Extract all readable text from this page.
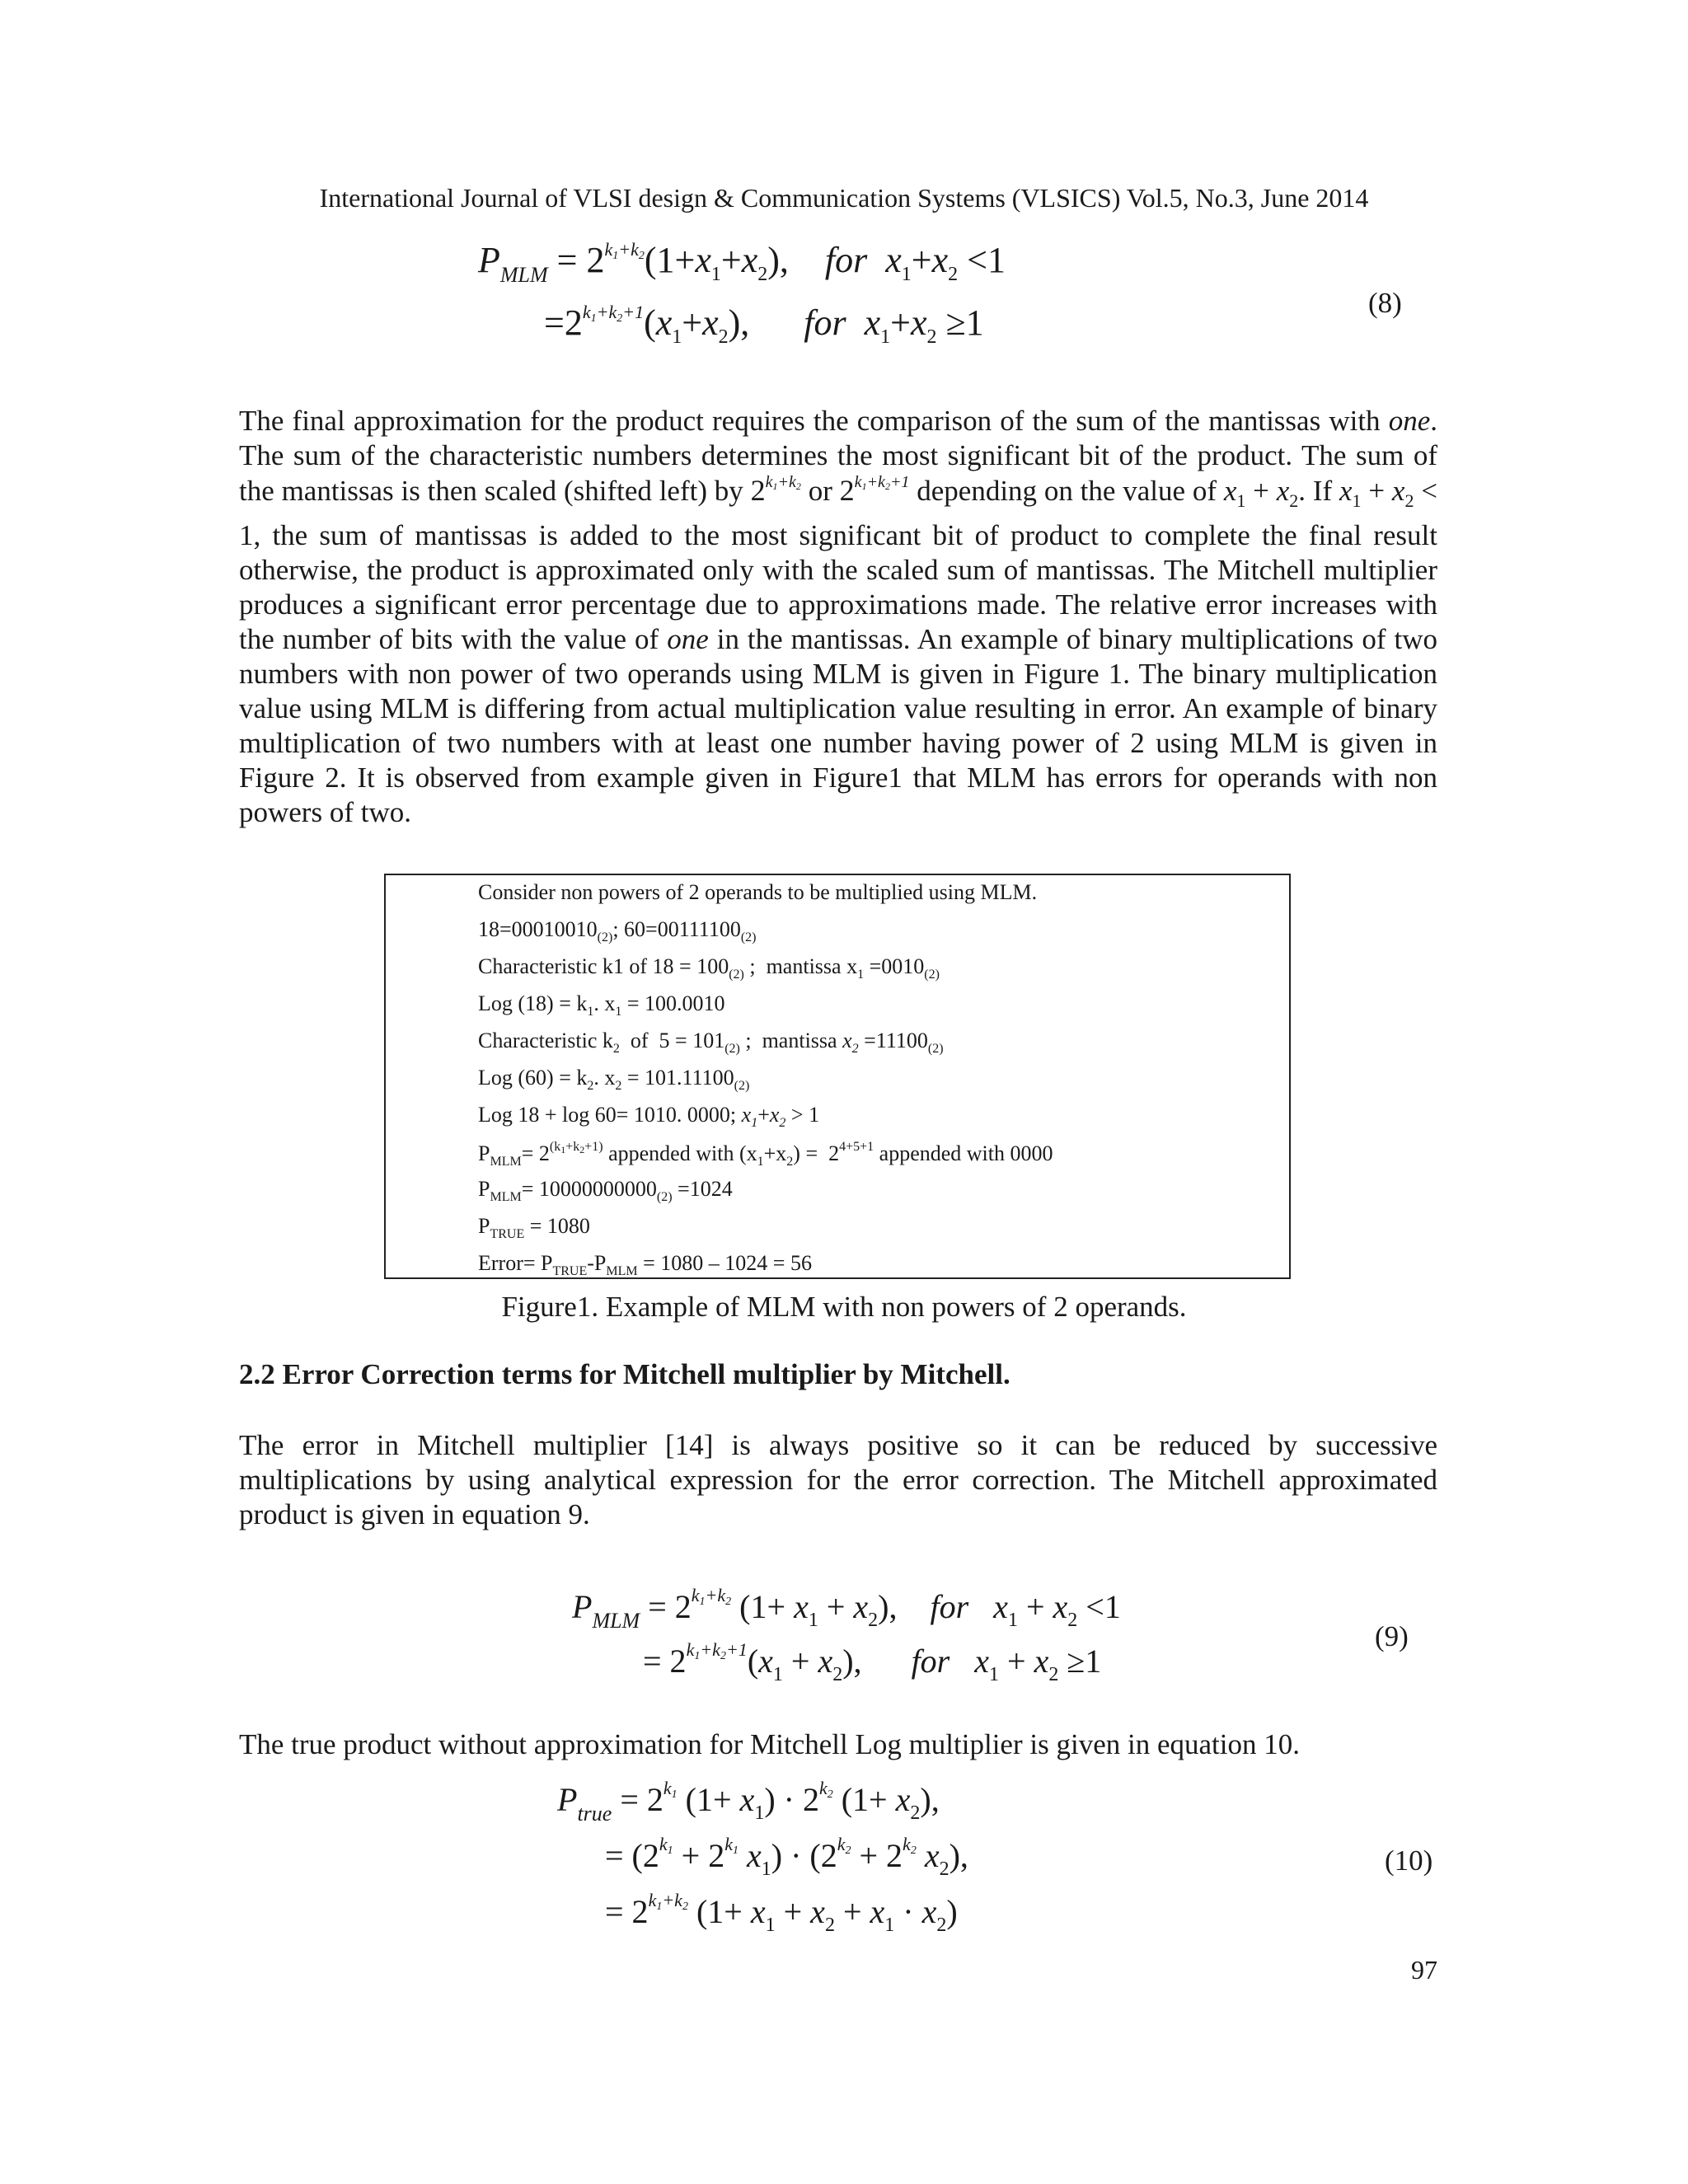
International Journal of VLSI design & Communication Systems (VLSICS) Vol.5, No.3, June 2014
$P_{MLM} = 2^{k_1+k_2}(1+x_1+x_2)$,    for $x_1+x_2 <1$
$=2^{k_1+k_2+1}(x_1+x_2)$,      for $x_1+x_2 \ge 1$	(8)

The final approximation for the product requires the comparison of the sum of the mantissas with one. The sum of the characteristic numbers determines the most significant bit of the product. The sum of the mantissas is then scaled (shifted left) by $2^{k_1+k_2}$ or $2^{k_1+k_2+1}$ depending on the value of $x_1 + x_2$. If $x_1 + x_2 < 1$, the sum of mantissas is added to the most significant bit of product to complete the final result otherwise, the product is approximated only with the scaled sum of mantissas. The Mitchell multiplier produces a significant error percentage due to approximations made. The relative error increases with the number of bits with the value of one in the mantissas. An example of binary multiplications of two numbers with non power of two operands using MLM is given in Figure 1. The binary multiplication value using MLM is differing from actual multiplication value resulting in error. An example of binary multiplication of two numbers with at least one number having power of 2 using MLM is given in Figure 2. It is observed from example given in Figure1 that MLM has errors for operands with non powers of two.

Consider non powers of 2 operands to be multiplied using MLM.
$18=00010010_{(2)}$; $60=00111100_{(2)}$
Characteristic k1 of $18 = 100_{(2)}$ ;  mantissa $x_1 =0010_{(2)}$
Log $(18) = k_1$. $x_1 = 100.0010$
Characteristic $k_2$  of  $5 = 101_{(2)}$ ;  mantissa $x_2 =11100_{(2)}$
Log $(60) = k_2$. $x_2 = 101.11100_{(2)}$
Log 18 + log 60= 1010. 0000; $x_1+x_2 > 1$
$P_{MLM}= 2^{(k_1+k_2+1)}$ appended with $(x_1+x_2) = 2^{4+5+1}$ appended with 0000
$P_{MLM}= 10000000000_{(2)} =1024$
$P_{TRUE} = 1080$
Error= $P_{TRUE}-P_{MLM} = 1080 - 1024 = 56$
Figure1. Example of MLM with non powers of 2 operands.
2.2 Error Correction terms for Mitchell multiplier by Mitchell.
The error in Mitchell multiplier [14] is always positive so it can be reduced by successive multiplications by using analytical expression for the error correction. The Mitchell approximated product is given in equation 9.
$P_{MLM} = 2^{k_1+k_2}$ $(1+ x_1 + x_2)$,    for $x_1 + x_2 <1$
= $2^{k_1+k_2+1}(x_1 + x_2)$,      for $x_1 + x_2 \ge 1$
(9)
The true product without approximation for Mitchell Log multiplier is given in equation 10.
$P_{true} = 2^{k_1}$ $(1+ x_1) \cdot 2^{k_2}$ $(1+ x_2)$,
= ($2^{k_1} + 2^{k_1}$ $x_1) \cdot (2^{k_2} + 2^{k_2}$ $x_2$),
= $2^{k_1+k_2}$ $(1+ x_1 + x_2 + x_1 \cdot x_2)$
(10)
97
